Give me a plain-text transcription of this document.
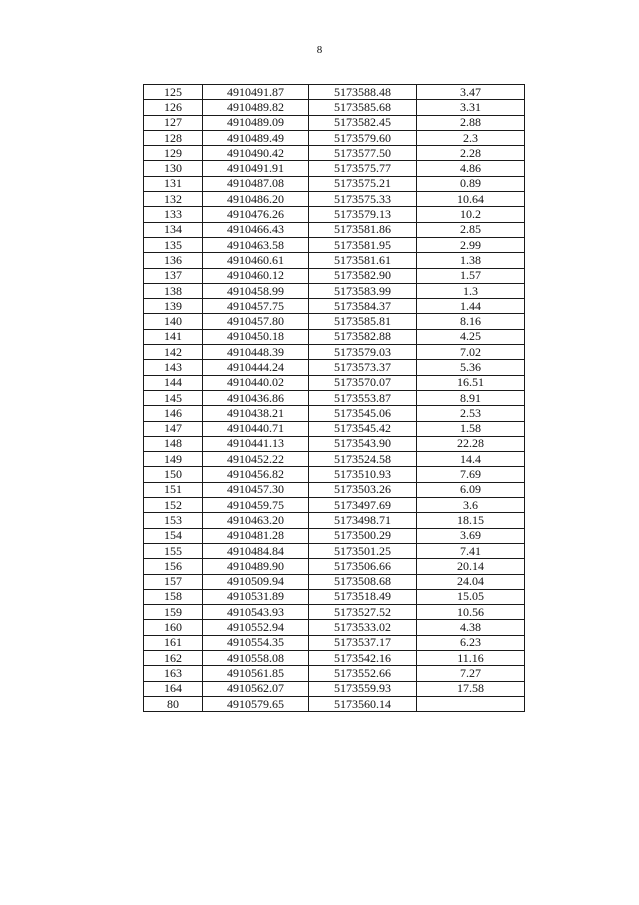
8
125	4910491.87	5173588.48	3.47
126	4910489.82	5173585.68	3.31
127	4910489.09	5173582.45	2.88
128	4910489.49	5173579.60	2.3
129	4910490.42	5173577.50	2.28
130	4910491.91	5173575.77	4.86
131	4910487.08	5173575.21	0.89
132	4910486.20	5173575.33	10.64
133	4910476.26	5173579.13	10.2
134	4910466.43	5173581.86	2.85
135	4910463.58	5173581.95	2.99
136	4910460.61	5173581.61	1.38
137	4910460.12	5173582.90	1.57
138	4910458.99	5173583.99	1.3
139	4910457.75	5173584.37	1.44
140	4910457.80	5173585.81	8.16
141	4910450.18	5173582.88	4.25
142	4910448.39	5173579.03	7.02
143	4910444.24	5173573.37	5.36
144	4910440.02	5173570.07	16.51
145	4910436.86	5173553.87	8.91
146	4910438.21	5173545.06	2.53
147	4910440.71	5173545.42	1.58
148	4910441.13	5173543.90	22.28
149	4910452.22	5173524.58	14.4
150	4910456.82	5173510.93	7.69
151	4910457.30	5173503.26	6.09
152	4910459.75	5173497.69	3.6
153	4910463.20	5173498.71	18.15
154	4910481.28	5173500.29	3.69
155	4910484.84	5173501.25	7.41
156	4910489.90	5173506.66	20.14
157	4910509.94	5173508.68	24.04
158	4910531.89	5173518.49	15.05
159	4910543.93	5173527.52	10.56
160	4910552.94	5173533.02	4.38
161	4910554.35	5173537.17	6.23
162	4910558.08	5173542.16	11.16
163	4910561.85	5173552.66	7.27
164	4910562.07	5173559.93	17.58
80	4910579.65	5173560.14	
